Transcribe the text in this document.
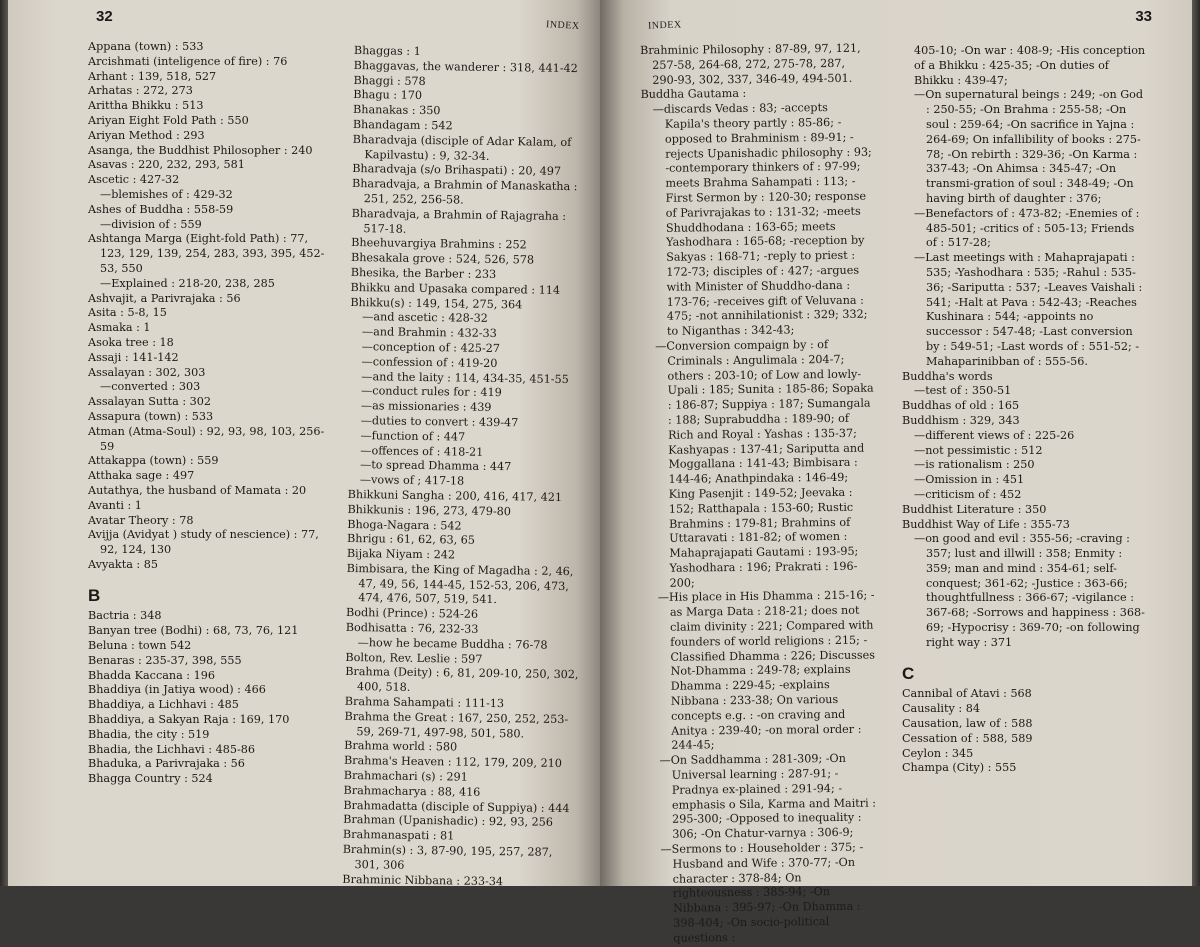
32
INDEX

Appana (town) : 533

Arcishmati (inteligence of fire) : 76

Arhant : 139, 518, 527

Arhatas : 272, 273

Arittha Bhikku : 513

Ariyan Eight Fold Path : 550

Ariyan Method : 293

Asanga, the Buddhist Philosopher : 240

Asavas : 220, 232, 293, 581

Ascetic : 427-32

—blemishes of : 429-32

Ashes of Buddha : 558-59

—division of : 559

Ashtanga Marga (Eight-fold Path) : 77, 123, 129, 139, 254, 283, 393, 395, 452-53, 550

—Explained : 218-20, 238, 285

Ashvajit, a Parivrajaka : 56

Asita : 5-8, 15

Asmaka : 1

Asoka tree : 18

Assaji : 141-142

Assalayan : 302, 303

—converted : 303

Assalayan Sutta : 302

Assapura (town) : 533

Atman (Atma-Soul) : 92, 93, 98, 103, 256-59

Attakappa (town) : 559

Atthaka sage : 497

Autathya, the husband of Mamata : 20

Avanti : 1

Avatar Theory : 78

Avijja (Avidyat ) study of nescience) : 77, 92, 124, 130

Avyakta : 85

B

Bactria : 348

Banyan tree (Bodhi) : 68, 73, 76, 121

Beluna : town 542

Benaras : 235-37, 398, 555

Bhadda Kaccana : 196

Bhaddiya (in Jatiya wood) : 466

Bhaddiya, a Lichhavi : 485

Bhaddiya, a Sakyan Raja : 169, 170

Bhadia, the city : 519

Bhadia, the Lichhavi : 485-86

Bhaduka, a Parivrajaka : 56

Bhagga Country : 524

Bhaggas : 1

Bhaggavas, the wanderer : 318, 441-42

Bhaggi : 578

Bhagu : 170

Bhanakas : 350

Bhandagam : 542

Bharadvaja (disciple of Adar Kalam, of Kapilvastu) : 9, 32-34.

Bharadvaja (s/o Brihaspati) : 20, 497

Bharadvaja, a Brahmin of Manaskatha : 251, 252, 256-58.

Bharadvaja, a Brahmin of Rajagraha : 517-18.

Bheehuvargiya Brahmins : 252

Bhesakala grove : 524, 526, 578

Bhesika, the Barber : 233

Bhikku and Upasaka compared : 114

Bhikku(s) : 149, 154, 275, 364

—and ascetic : 428-32

—and Brahmin : 432-33

—conception of : 425-27

—confession of : 419-20

—and the laity : 114, 434-35, 451-55

—conduct rules for : 419

—as missionaries : 439

—duties to convert : 439-47

—function of : 447

—offences of : 418-21

—to spread Dhamma : 447

—vows of ; 417-18

Bhikkuni Sangha : 200, 416, 417, 421

Bhikkunis : 196, 273, 479-80

Bhoga-Nagara : 542

Bhrigu : 61, 62, 63, 65

Bijaka Niyam : 242

Bimbisara, the King of Magadha : 2, 46, 47, 49, 56, 144-45, 152-53, 206, 473, 474, 476, 507, 519, 541.

Bodhi (Prince) : 524-26

Bodhisatta : 76, 232-33

—how he became Buddha : 76-78

Bolton, Rev. Leslie : 597

Brahma (Deity) : 6, 81, 209-10, 250, 302, 400, 518.

Brahma Sahampati : 111-13

Brahma the Great : 167, 250, 252, 253-59, 269-71, 497-98, 501, 580.

Brahma world : 580

Brahma's Heaven : 112, 179, 209, 210

Brahmachari (s) : 291

Brahmacharya : 88, 416

Brahmadatta (disciple of Suppiya) : 444

Brahman (Upanishadic) : 92, 93, 256

Brahmanaspati : 81

Brahmin(s) : 3, 87-90, 195, 257, 287, 301, 306

Brahminic Nibbana : 233-34

INDEX
33

Brahminic Philosophy : 87-89, 97, 121, 257-58, 264-68, 272, 275-78, 287, 290-93, 302, 337, 346-49, 494-501.

Buddha Gautama :

—discards Vedas : 83; -accepts Kapila's theory partly : 85-86; -opposed to Brahminism : 89-91; -rejects Upanishadic philosophy : 93; -contemporary thinkers of : 97-99; meets Brahma Sahampati : 113; -First Sermon by : 120-30; response of Parivrajakas to : 131-32; -meets Shuddhodana : 163-65; meets Yashodhara : 165-68; -reception by Sakyas : 168-71; -reply to priest : 172-73; disciples of : 427; -argues with Minister of Shuddho-dana : 173-76; -receives gift of Veluvana : 475; -not annihilationist : 329; 332; to Niganthas : 342-43;

—Conversion compaign by : of Criminals : Angulimala : 204-7; others : 203-10; of Low and lowly-Upali : 185; Sunita : 185-86; Sopaka : 186-87; Suppiya : 187; Sumangala : 188; Suprabuddha : 189-90; of Rich and Royal : Yashas : 135-37; Kashyapas : 137-41; Sariputta and Moggallana : 141-43; Bimbisara : 144-46; Anathpindaka : 146-49; King Pasenjit : 149-52; Jeevaka : 152; Ratthapala : 153-60; Rustic Brahmins : 179-81; Brahmins of Uttaravati : 181-82; of women : Mahaprajapati Gautami : 193-95; Yashodhara : 196; Prakrati : 196-200;

—His place in His Dhamma : 215-16; -as Marga Data : 218-21; does not claim divinity : 221; Compared with founders of world religions : 215; -Classified Dhamma : 226; Discusses Not-Dhamma : 249-78; explains Dhamma : 229-45; -explains Nibbana : 233-38; On various concepts e.g. : -on craving and Anitya : 239-40; -on moral order : 244-45;

—On Saddhamma : 281-309; -On Universal learning : 287-91; -Pradnya ex-plained : 291-94; -emphasis o Sila, Karma and Maitri : 295-300; -Opposed to inequality : 306; -On Chatur-varnya : 306-9;

—Sermons to : Householder : 375; -Husband and Wife : 370-77; -On character : 378-84; On righteousness : 385-94; -On Nibbana : 395-97; -On Dhamma : 398-404; -On socio-political questions :

405-10; -On war : 408-9; -His conception of a Bhikku : 425-35; -On duties of Bhikku : 439-47;

—On supernatural beings : 249; -on God : 250-55; -On Brahma : 255-58; -On soul : 259-64; -On sacrifice in Yajna : 264-69; On infallibility of books : 275-78; -On rebirth : 329-36; -On Karma : 337-43; -On Ahimsa : 345-47; -On transmi-gration of soul : 348-49; -On having birth of daughter : 376;

—Benefactors of : 473-82; -Enemies of : 485-501; -critics of : 505-13; Friends of : 517-28;

—Last meetings with : Mahaprajapati : 535; -Yashodhara : 535; -Rahul : 535-36; -Sariputta : 537; -Leaves Vaishali : 541; -Halt at Pava : 542-43; -Reaches Kushinara : 544; -appoints no successor : 547-48; -Last conversion by : 549-51; -Last words of : 551-52; -Mahaparinibban of : 555-56.

Buddha's words

—test of : 350-51

Buddhas of old : 165

Buddhism : 329, 343

—different views of : 225-26

—not pessimistic : 512

—is rationalism : 250

—Omission in : 451

—criticism of : 452

Buddhist Literature : 350

Buddhist Way of Life : 355-73

—on good and evil : 355-56; -craving : 357; lust and illwill : 358; Enmity : 359; man and mind : 354-61; self-conquest; 361-62; -Justice : 363-66; thoughtfullness : 366-67; -vigilance : 367-68; -Sorrows and happiness : 368-69; -Hypocrisy : 369-70; -on following right way : 371

C

Cannibal of Atavi : 568

Causality : 84

Causation, law of : 588

Cessation of : 588, 589

Ceylon : 345

Champa (City) : 555
